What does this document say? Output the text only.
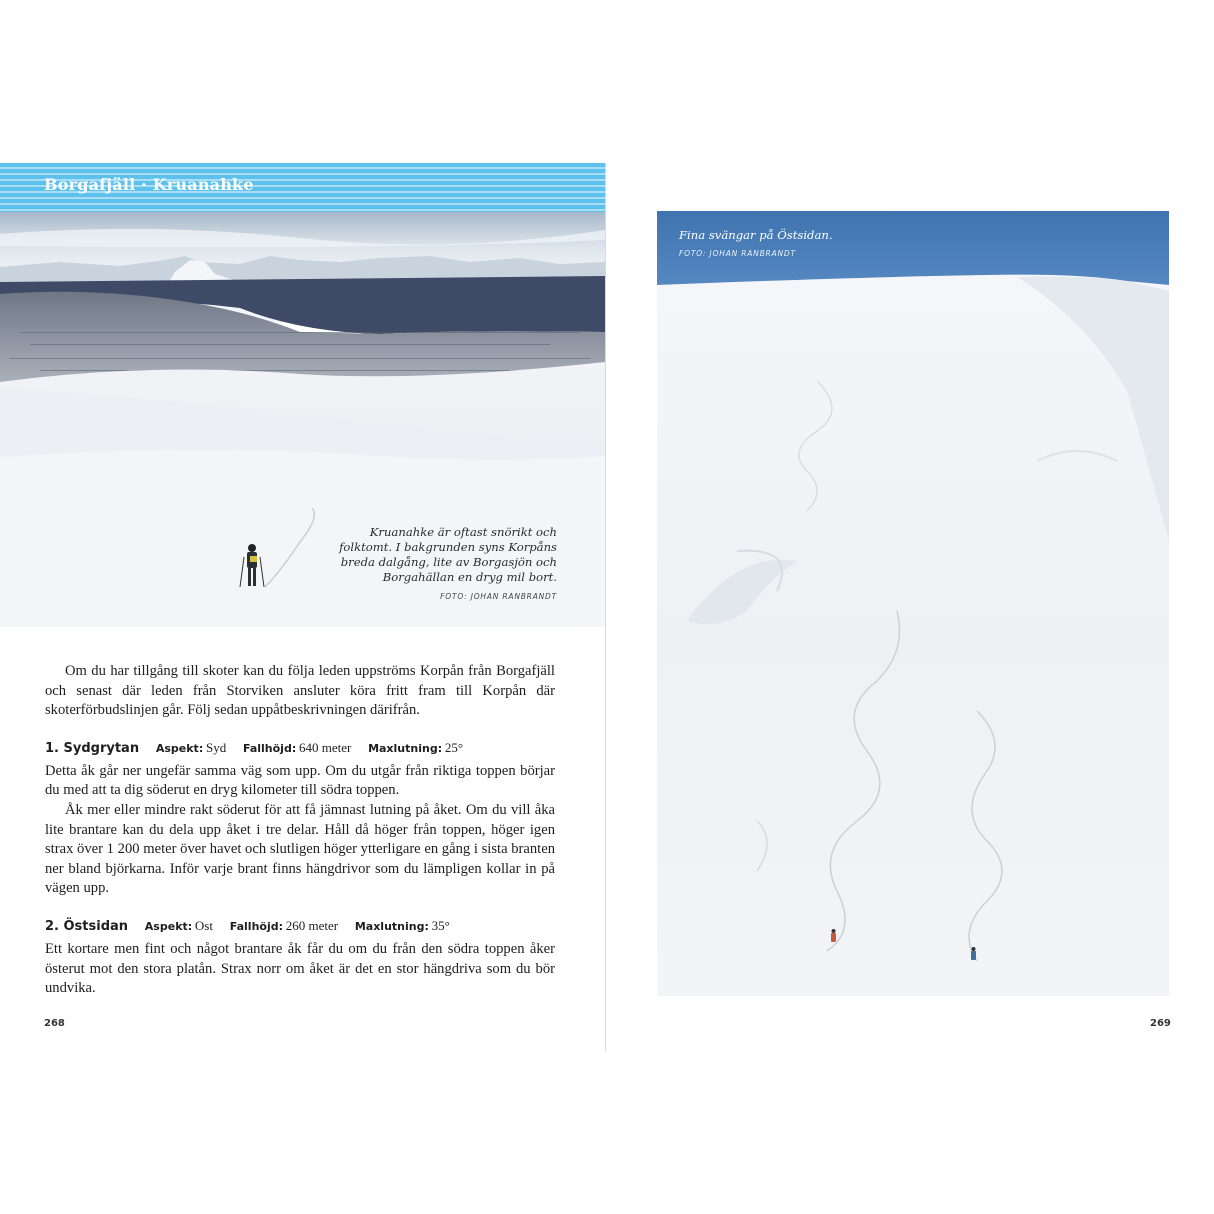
Borgafjäll · Kruanahke
Kruanahke är oftast snörikt och folktomt. I bakgrunden syns Korpåns breda dalgång, lite av Borgasjön och Borgahällan en dryg mil bort.
FOTO: JOHAN RANBRANDT

Om du har tillgång till skoter kan du följa leden uppströms Korpån från Borgafjäll och senast där leden från Storviken ansluter köra fritt fram till Korpån där skoterförbudslinjen går. Följ sedan uppåtbeskrivningen därifrån.

1. Sydgrytan Aspekt: Syd Fallhöjd: 640 meter Maxlutning: 25°

Detta åk går ner ungefär samma väg som upp. Om du utgår från riktiga toppen börjar du med att ta dig söderut en dryg kilometer till södra toppen.

Åk mer eller mindre rakt söderut för att få jämnast lutning på åket. Om du vill åka lite brantare kan du dela upp åket i tre delar. Håll då höger från toppen, höger igen strax över 1 200 meter över havet och slutligen höger ytterligare en gång i sista branten ner bland björkarna. Inför varje brant finns hängdrivor som du lämpligen kollar in på vägen upp.

2. Östsidan Aspekt: Ost Fallhöjd: 260 meter Maxlutning: 35°

Ett kortare men fint och något brantare åk får du om du från den södra toppen åker österut mot den stora platån. Strax norr om åket är det en stor hängdriva som du bör undvika.

268
Fina svängar på Östsidan.
FOTO: JOHAN RANBRANDT
269
